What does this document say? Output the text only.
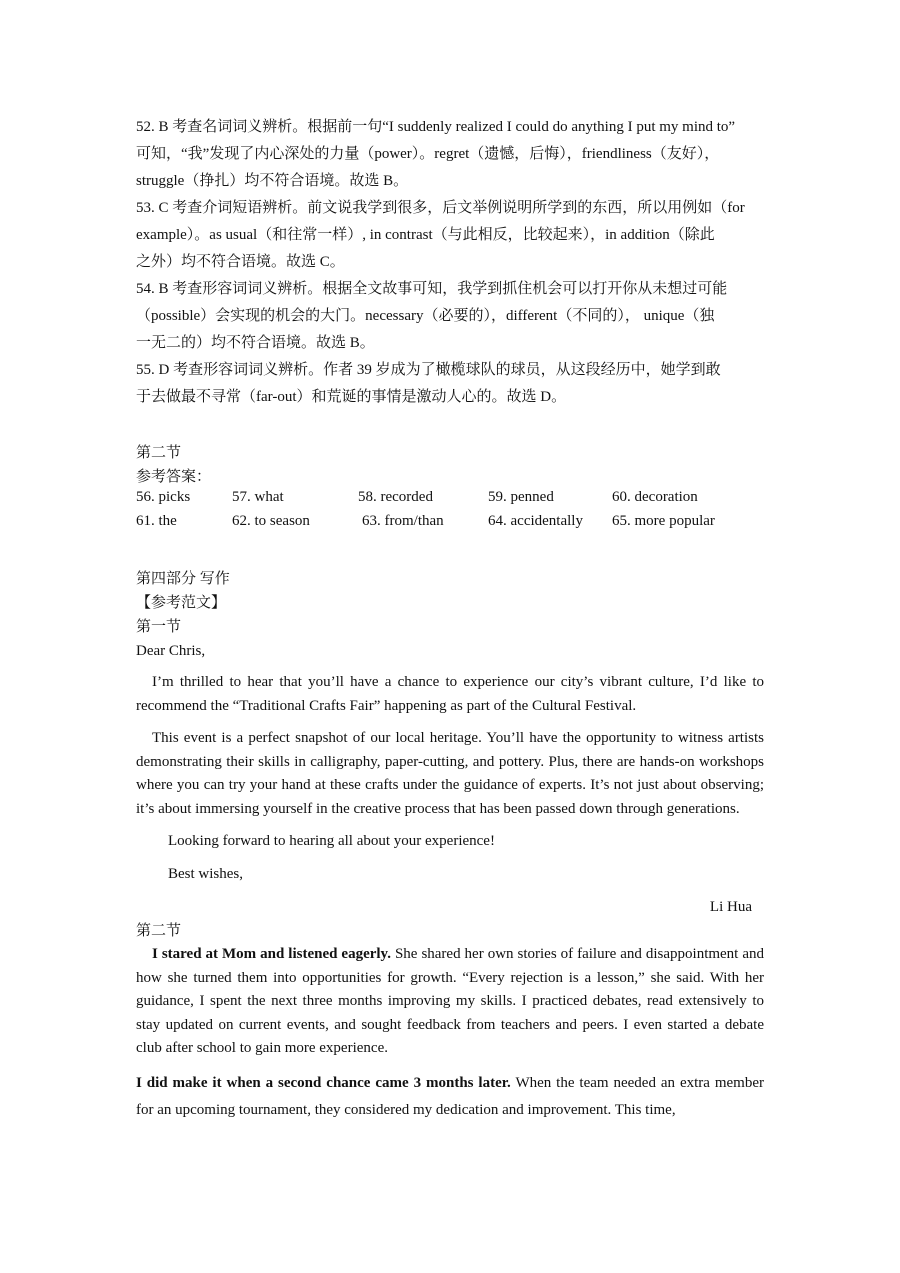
52. B 考查名词词义辨析。根据前一句“I suddenly realized I could do anything I put my mind to”

可知，“我”发现了内心深处的力量（power）。regret（遗憾，后悔），friendliness（友好），

struggle（挣扎）均不符合语境。故选 B。

53. C 考查介词短语辨析。前文说我学到很多，后文举例说明所学到的东西，所以用例如（for

example）。as usual（和往常一样）, in contrast（与此相反，比较起来），in addition（除此

之外）均不符合语境。故选 C。

54. B 考查形容词词义辨析。根据全文故事可知，我学到抓住机会可以打开你从未想过可能

（possible）会实现的机会的大门。necessary（必要的），different（不同的）， unique（独

一无二的）均不符合语境。故选 B。

55. D 考查形容词词义辨析。作者 39 岁成为了橄榄球队的球员，从这段经历中，她学到敢

于去做最不寻常（far-out）和荒诞的事情是激动人心的。故选 D。

第二节

参考答案：

56. picks	57. what	58. recorded	59. penned	60. decoration
61. the	62. to season	63. from/than	64. accidentally	65. more popular

第四部分 写作

【参考范文】

第一节

Dear Chris,

I’m thrilled to hear that you’ll have a chance to experience our city’s vibrant culture, I’d like to recommend the “Traditional Crafts Fair” happening as part of the Cultural Festival.

This event is a perfect snapshot of our local heritage. You’ll have the opportunity to witness artists demonstrating their skills in calligraphy, paper-cutting, and pottery. Plus, there are hands-on workshops where you can try your hand at these crafts under the guidance of experts. It’s not just about observing; it’s about immersing yourself in the creative process that has been passed down through generations.

Looking forward to hearing all about your experience!

Best wishes,

Li Hua

第二节

I stared at Mom and listened eagerly. She shared her own stories of failure and disappointment and how she turned them into opportunities for growth. “Every rejection is a lesson,” she said. With her guidance, I spent the next three months improving my skills. I practiced debates, read extensively to stay updated on current events, and sought feedback from teachers and peers. I even started a debate club after school to gain more experience.

I did make it when a second chance came 3 months later. When the team needed an extra member for an upcoming tournament, they considered my dedication and improvement. This time,
